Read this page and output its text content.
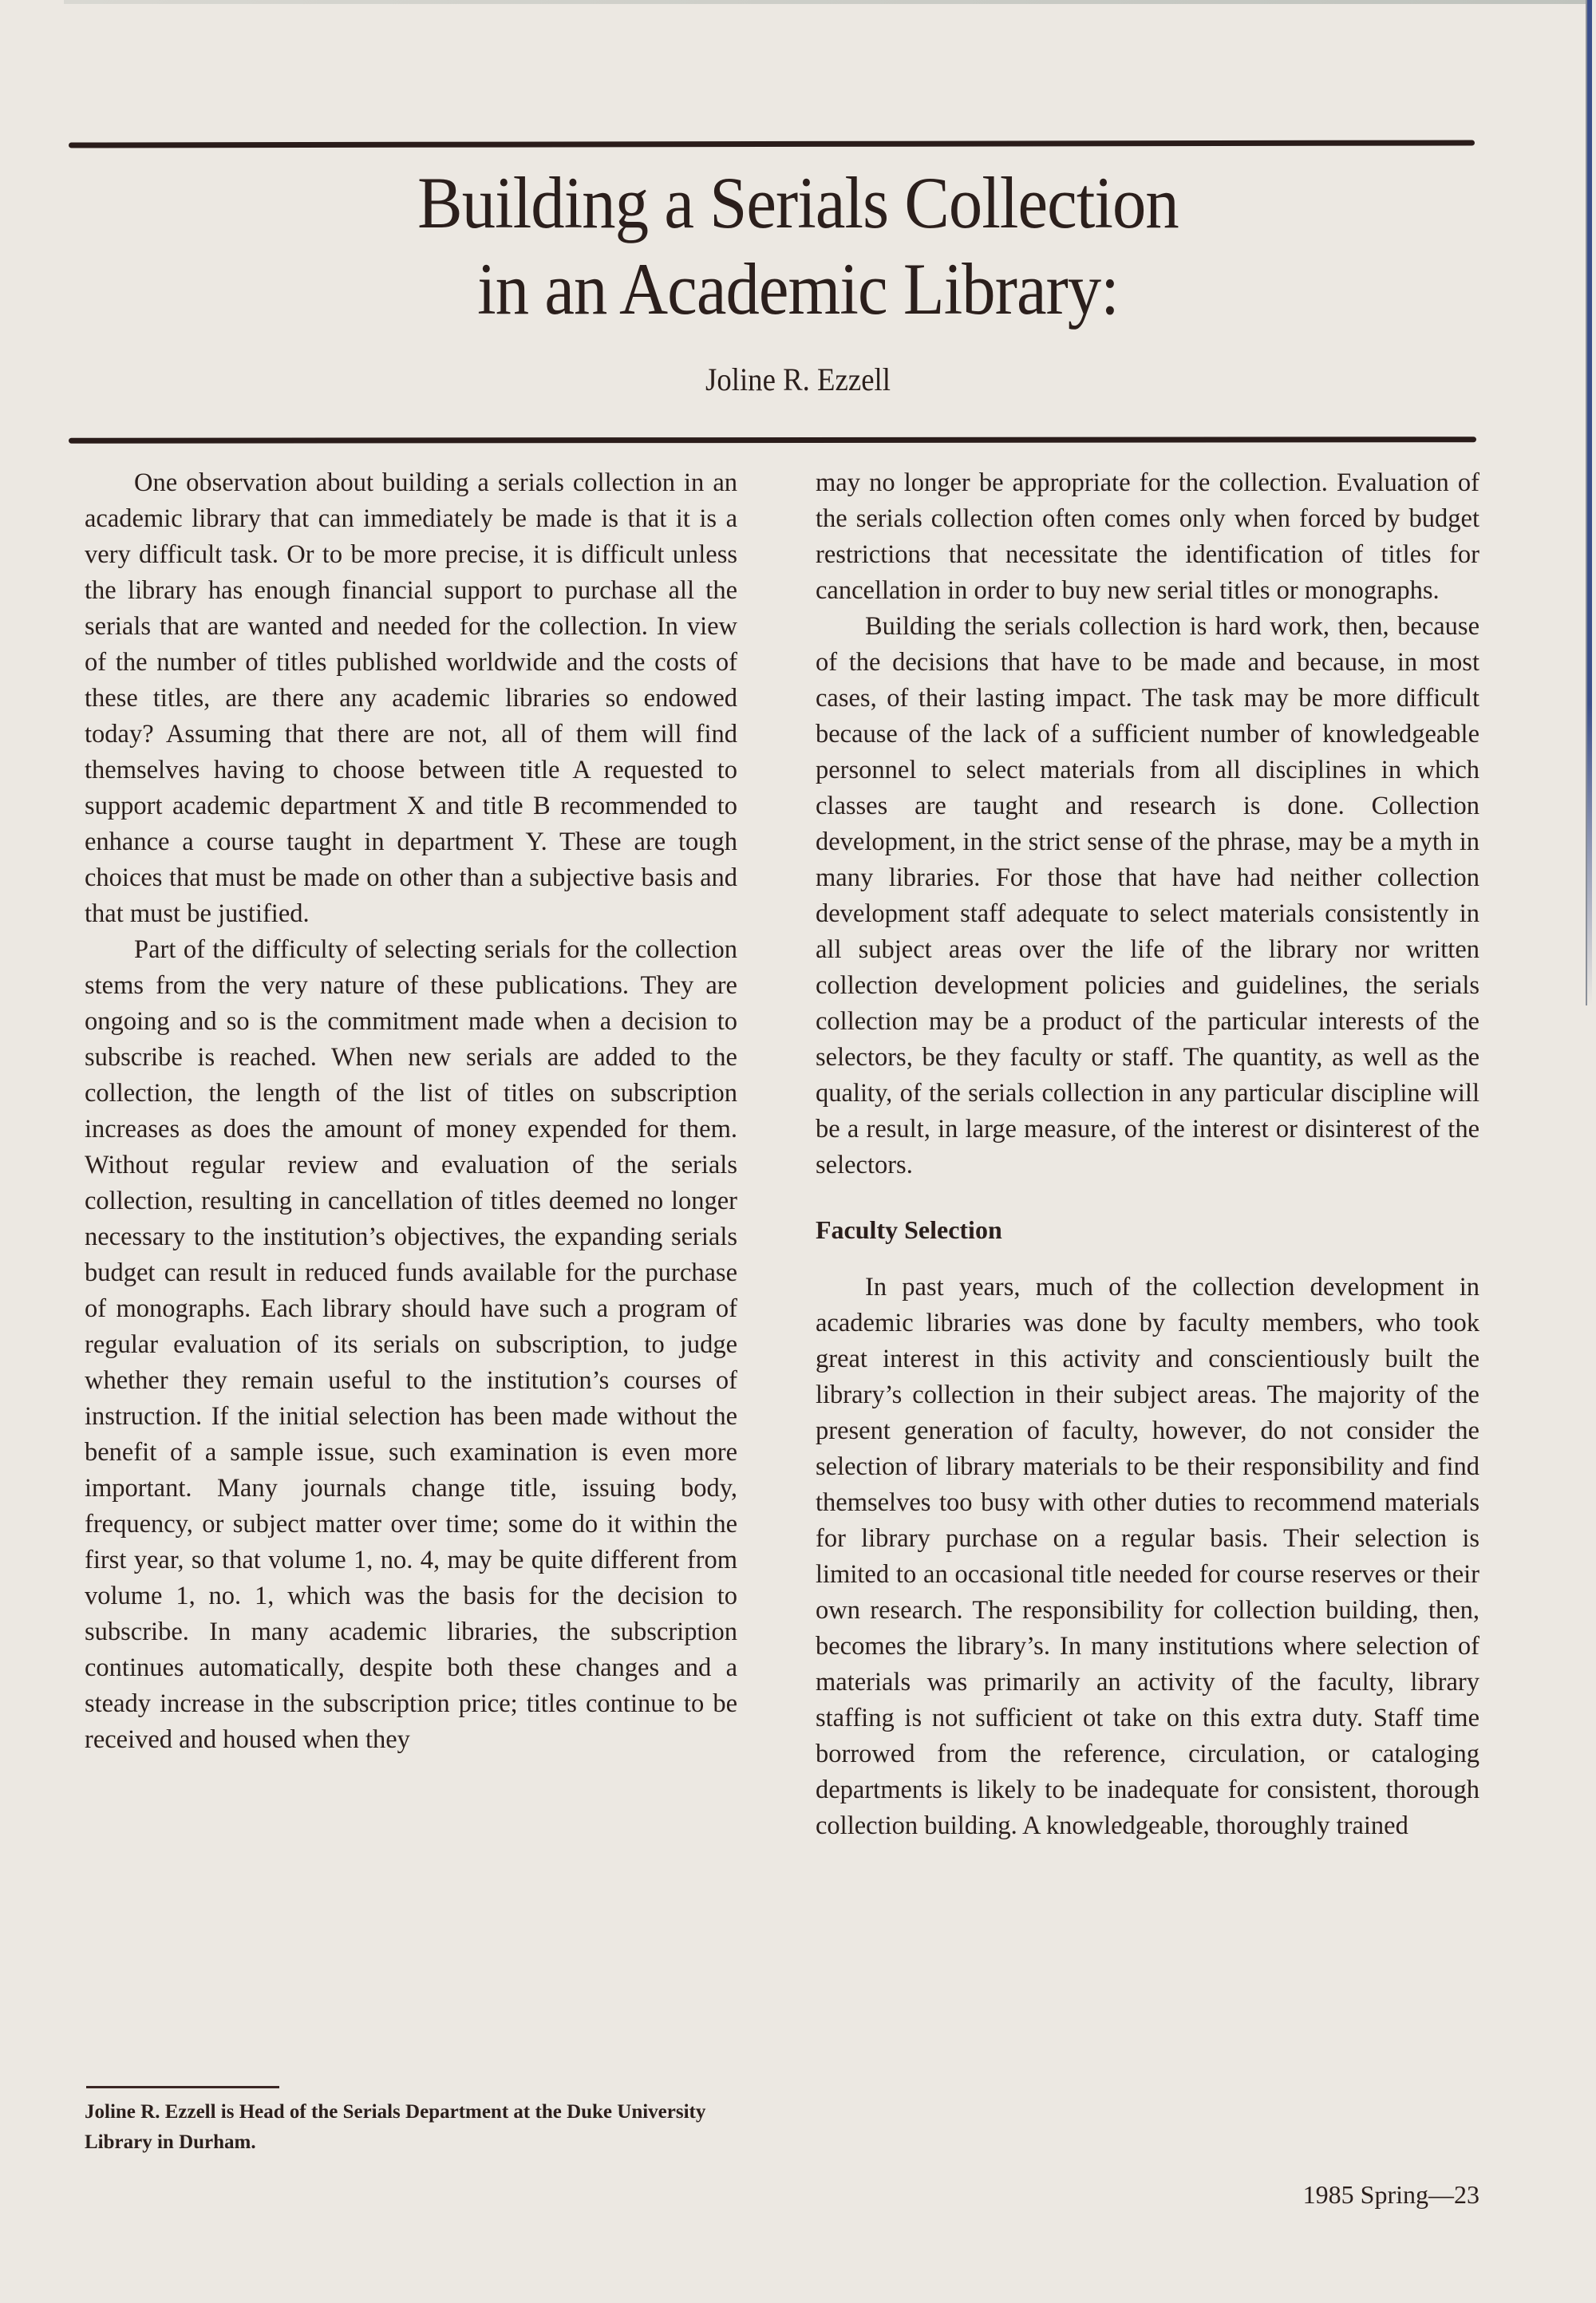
Building a Serials Collection
in an Academic Library:
Joline R. Ezzell

One observation about building a serials collection in an academic library that can immediately be made is that it is a very difficult task. Or to be more precise, it is difficult unless the library has enough financial support to purchase all the serials that are wanted and needed for the collection. In view of the number of titles published worldwide and the costs of these titles, are there any academic libraries so endowed today? Assuming that there are not, all of them will find themselves having to choose between title A requested to support academic department X and title B recommended to enhance a course taught in department Y. These are tough choices that must be made on other than a subjective basis and that must be justified.

Part of the difficulty of selecting serials for the collection stems from the very nature of these publications. They are ongoing and so is the commitment made when a decision to subscribe is reached. When new serials are added to the collection, the length of the list of titles on subscription increases as does the amount of money expended for them. Without regular review and evaluation of the serials collection, resulting in cancellation of titles deemed no longer necessary to the institution’s objectives, the expanding serials budget can result in reduced funds available for the purchase of monographs. Each library should have such a program of regular evaluation of its serials on subscription, to judge whether they remain useful to the institution’s courses of instruction. If the initial selection has been made without the benefit of a sample issue, such examination is even more important. Many journals change title, issuing body, frequency, or subject matter over time; some do it within the first year, so that volume 1, no. 4, may be quite different from volume 1, no. 1, which was the basis for the decision to subscribe. In many academic libraries, the subscription continues automatically, despite both these changes and a steady increase in the subscription price; titles continue to be received and housed when they

may no longer be appropriate for the collection. Evaluation of the serials collection often comes only when forced by budget restrictions that necessitate the identification of titles for cancellation in order to buy new serial titles or monographs.

Building the serials collection is hard work, then, because of the decisions that have to be made and because, in most cases, of their lasting impact. The task may be more difficult because of the lack of a sufficient number of knowledgeable personnel to select materials from all disciplines in which classes are taught and research is done. Collection development, in the strict sense of the phrase, may be a myth in many libraries. For those that have had neither collection development staff adequate to select materials consistently in all subject areas over the life of the library nor written collection development policies and guidelines, the serials collection may be a product of the particular interests of the selectors, be they faculty or staff. The quantity, as well as the quality, of the serials collection in any particular discipline will be a result, in large measure, of the interest or disinterest of the selectors.

Faculty Selection

In past years, much of the collection development in academic libraries was done by faculty members, who took great interest in this activity and conscientiously built the library’s collection in their subject areas. The majority of the present generation of faculty, however, do not consider the selection of library materials to be their responsibility and find themselves too busy with other duties to recommend materials for library purchase on a regular basis. Their selection is limited to an occasional title needed for course reserves or their own research. The responsibility for collection building, then, becomes the library’s. In many institutions where selection of materials was primarily an activity of the faculty, library staffing is not sufficient ot take on this extra duty. Staff time borrowed from the reference, circulation, or cataloging departments is likely to be inadequate for consistent, thorough collection building. A knowledgeable, thoroughly trained

Joline R. Ezzell is Head of the Serials Department at the Duke University Library in Durham.
1985 Spring—23
